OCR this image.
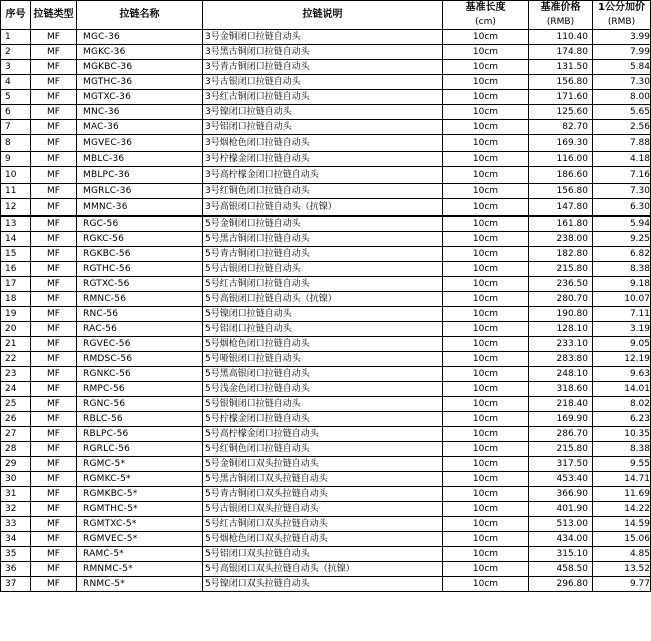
序号	拉链类型	拉链名称	拉链说明	基准长度	基准价格	1公分加价
				(cm)	(RMB)	(RMB)
1	MF	MGC-36	3号金铜闭口拉链自动头	10cm	110.40	3.99
2	MF	MGKC-36	3号黑古铜闭口拉链自动头	10cm	174.80	7.99
3	MF	MGKBC-36	3号青古铜闭口拉链自动头	10cm	131.50	5.84
4	MF	MGTHC-36	3号古银闭口拉链自动头	10cm	156.80	7.30
5	MF	MGTXC-36	3号红古铜闭口拉链自动头	10cm	171.60	8.00
6	MF	MNC-36	3号镍闭口拉链自动头	10cm	125.60	5.65
7	MF	MAC-36	3号铝闭口拉链自动头	10cm	82.70	2.56
8	MF	MGVEC-36	3号烟枪色闭口拉链自动头	10cm	169.30	7.88
9	MF	MBLC-36	3号柠檬金闭口拉链自动头	10cm	116.00	4.18
10	MF	MBLPC-36	3号高柠檬金闭口拉链自动头	10cm	186.60	7.16
11	MF	MGRLC-36	3号红铜色闭口拉链自动头	10cm	156.80	7.30
12	MF	MMNC-36	3号高银闭口拉链自动头（抗镍）	10cm	147.80	6.30
13	MF	RGC-56	5号金铜闭口拉链自动头	10cm	161.80	5.94
14	MF	RGKC-56	5号黑古铜闭口拉链自动头	10cm	238.00	9.25
15	MF	RGKBC-56	5号青古铜闭口拉链自动头	10cm	182.80	6.82
16	MF	RGTHC-56	5号古银闭口拉链自动头	10cm	215.80	8.38
17	MF	RGTXC-56	5号红古铜闭口拉链自动头	10cm	236.50	9.18
18	MF	RMNC-56	5号高银闭口拉链自动头（抗镍）	10cm	280.70	10.07
19	MF	RNC-56	5号镍闭口拉链自动头	10cm	190.80	7.11
20	MF	RAC-56	5号铝闭口拉链自动头	10cm	128.10	3.19
21	MF	RGVEC-56	5号烟枪色闭口拉链自动头	10cm	233.10	9.05
22	MF	RMDSC-56	5号哑银闭口拉链自动头	10cm	283.80	12.19
23	MF	RGNKC-56	5号黑高银闭口拉链自动头	10cm	248.10	9.63
24	MF	RMPC-56	5号浅金色闭口拉链自动头	10cm	318.60	14.01
25	MF	RGNC-56	5号银铜闭口拉链自动头	10cm	218.40	8.02
26	MF	RBLC-56	5号柠檬金闭口拉链自动头	10cm	169.90	6.23
27	MF	RBLPC-56	5号高柠檬金闭口拉链自动头	10cm	286.70	10.35
28	MF	RGRLC-56	5号红铜色闭口拉链自动头	10cm	215.80	8.38
29	MF	RGMC-5*	5号金铜闭口双头拉链自动头	10cm	317.50	9.55
30	MF	RGMKC-5*	5号黑古铜闭口双头拉链自动头	10cm	453.40	14.71
31	MF	RGMKBC-5*	5号青古铜闭口双头拉链自动头	10cm	366.90	11.69
32	MF	RGMTHC-5*	5号古银闭口双头拉链自动头	10cm	401.90	14.22
33	MF	RGMTXC-5*	5号红古铜闭口双头拉链自动头	10cm	513.00	14.59
34	MF	RGMVEC-5*	5号烟枪色闭口双头拉链自动头	10cm	434.00	15.06
35	MF	RAMC-5*	5号铝闭口双头拉链自动头	10cm	315.10	4.85
36	MF	RMNMC-5*	5号高银闭口双头拉链自动头（抗镍）	10cm	458.50	13.52
37	MF	RNMC-5*	5号镍闭口双头拉链自动头	10cm	296.80	9.77
